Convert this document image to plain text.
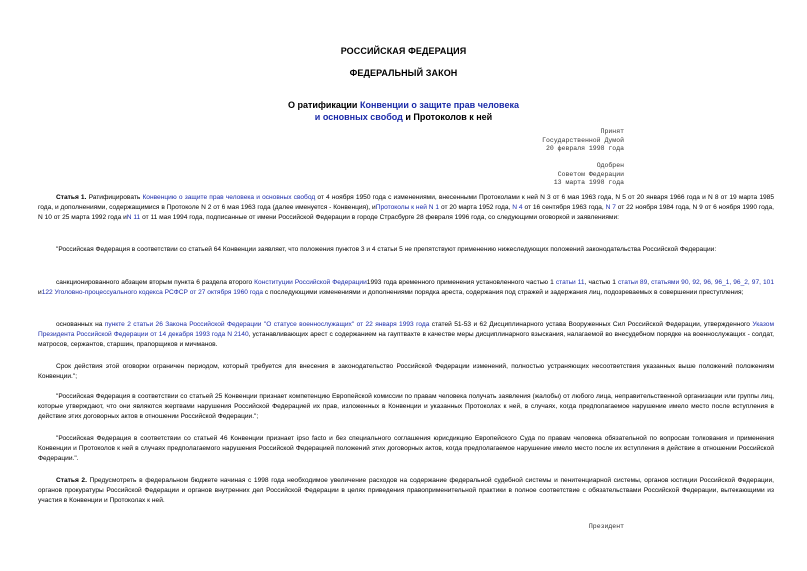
РОССИЙСКАЯ ФЕДЕРАЦИЯ
ФЕДЕРАЛЬНЫЙ ЗАКОН
О ратификации Конвенции о защите прав человека
и основных свобод и Протоколов к ней
Принят
Государственной Думой
20 февраля 1998 года
Одобрен
Советом Федерации
13 марта 1998 года

Статья 1. Ратифицировать Конвенцию о защите прав человека и основных свобод от 4 ноября 1950 года с изменениями, внесенными Протоколами к ней N 3 от 6 мая 1963 года, N 5 от 20 января 1966 года и N 8 от 19 марта 1985 года, и дополнениями, содержащимися в Протоколе N 2 от 6 мая 1963 года (далее именуется - Конвенция), иПротоколы к ней N 1 от 20 марта 1952 года, N 4 от 16 сентября 1963 года, N 7 от 22 ноября 1984 года, N 9 от 6 ноября 1990 года, N 10 от 25 марта 1992 года иN 11 от 11 мая 1994 года, подписанные от имени Российской Федерации в городе Страсбурге 28 февраля 1996 года, со следующими оговоркой и заявлениями:

"Российская Федерация в соответствии со статьей 64 Конвенции заявляет, что положения пунктов 3 и 4 статьи 5 не препятствуют применению нижеследующих положений законодательства Российской Федерации:

санкционированного абзацем вторым пункта 6 раздела второго Конституции Российской Федерации1993 года временного применения установленного частью 1 статьи 11, частью 1 статьи 89, статьями 90, 92, 96, 96_1, 96_2, 97, 101 и122 Уголовно-процессуального кодекса РСФСР от 27 октября 1960 года с последующими изменениями и дополнениями порядка ареста, содержания под стражей и задержания лиц, подозреваемых в совершении преступления;

основанных на пункте 2 статьи 26 Закона Российской Федерации "О статусе военнослужащих" от 22 января 1993 года статей 51-53 и 62 Дисциплинарного устава Вооруженных Сил Российской Федерации, утвержденного Указом Президента Российской Федерации от 14 декабря 1993 года N 2140, устанавливающих арест с содержанием на гауптвахте в качестве меры дисциплинарного взыскания, налагаемой во внесудебном порядке на военнослужащих - солдат, матросов, сержантов, старшин, прапорщиков и мичманов.

Срок действия этой оговорки ограничен периодом, который требуется для внесения в законодательство Российской Федерации изменений, полностью устраняющих несоответствия указанных выше положений положениям Конвенции.";

"Российская Федерация в соответствии со статьей 25 Конвенции признает компетенцию Европейской комиссии по правам человека получать заявления (жалобы) от любого лица, неправительственной организации или группы лиц, которые утверждают, что они являются жертвами нарушения Российской Федерацией их прав, изложенных в Конвенции и указанных Протоколах к ней, в случаях, когда предполагаемое нарушение имело место после вступления в действие этих договорных актов в отношении Российской Федерации.";

"Российская Федерация в соответствии со статьей 46 Конвенции признает ipso facto и без специального соглашения юрисдикцию Европейского Суда по правам человека обязательной по вопросам толкования и применения Конвенции и Протоколов к ней в случаях предполагаемого нарушения Российской Федерацией положений этих договорных актов, когда предполагаемое нарушение имело место после их вступления в действие в отношении Российской Федерации.".

Статья 2. Предусмотреть в федеральном бюджете начиная с 1998 года необходимое увеличение расходов на содержание федеральной судебной системы и пенитенциарной системы, органов юстиции Российской Федерации, органов прокуратуры Российской Федерации и органов внутренних дел Российской Федерации в целях приведения правоприменительной практики в полное соответствие с обязательствами Российской Федерации, вытекающими из участия в Конвенции и Протоколах к ней.

Президент
